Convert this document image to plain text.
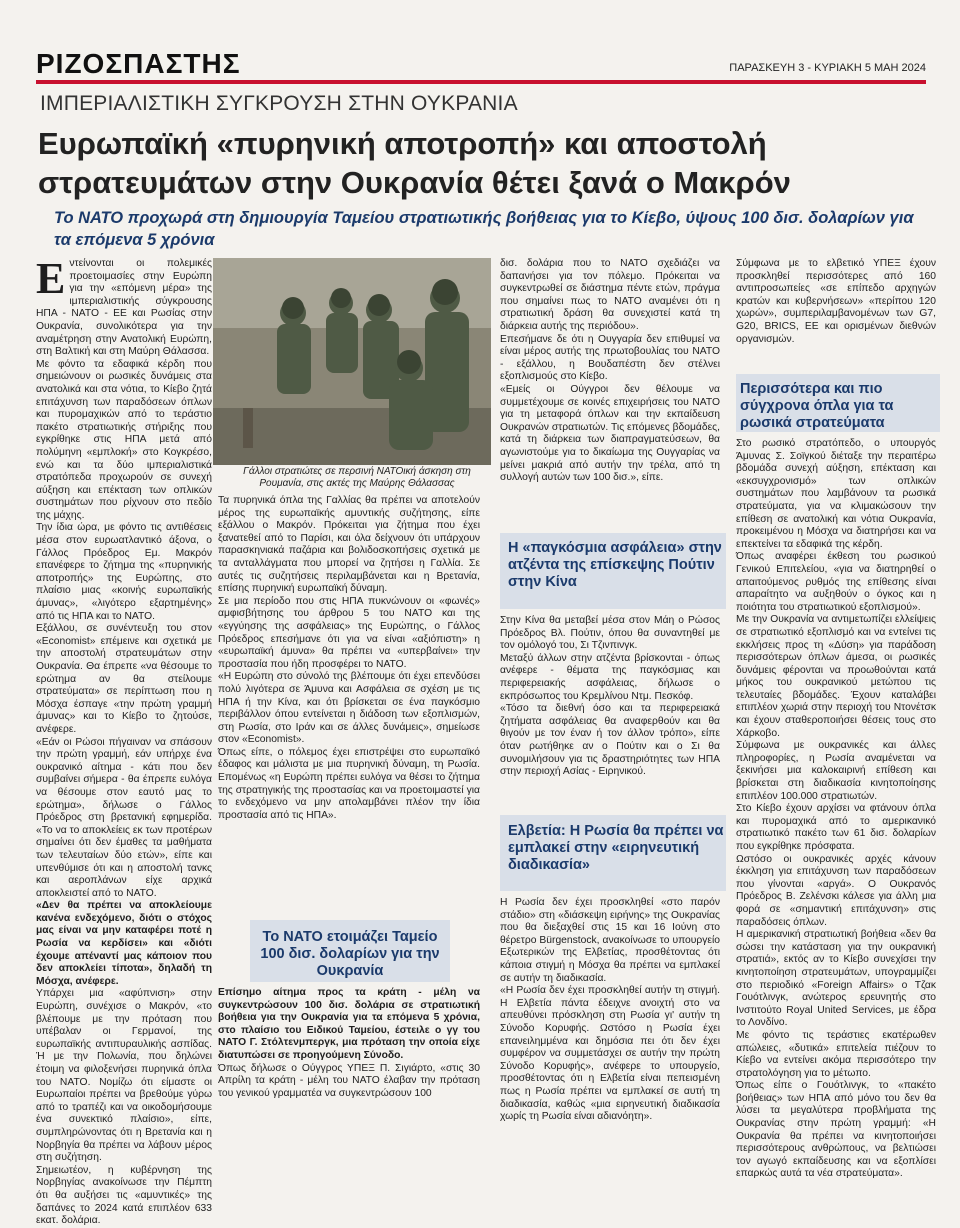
ΡΙΖΟΣΠΑΣΤΗΣ	ΠΑΡΑΣΚΕΥΗ 3 - ΚΥΡΙΑΚΗ 5 ΜΑΗ 2024
ΙΜΠΕΡΙΑΛΙΣΤΙΚΗ ΣΥΓΚΡΟΥΣΗ ΣΤΗΝ ΟΥΚΡΑΝΙΑ
Ευρωπαϊκή «πυρηνική αποτροπή» και αποστολή στρατευμάτων στην Ουκρανία θέτει ξανά ο Μακρόν
Το ΝΑΤΟ προχωρά στη δημιουργία Ταμείου στρατιωτικής βοήθειας για το Κίεβο, ύψους 100 δισ. δολαρίων για τα επόμενα 5 χρόνια
Ε ντείνονται οι πολεμικές προετοιμασίες στην Ευρώπη για την «επόμενη μέρα» της ιμπεριαλιστικής σύγκρουσης ΗΠΑ - ΝΑΤΟ - ΕΕ και Ρωσίας στην Ουκρανία, συνολικότερα για την αναμέτρηση στην Ανατολική Ευρώπη, στη Βαλτική και στη Μαύρη Θάλασσα.

Με φόντο τα εδαφικά κέρδη που σημειώνουν οι ρωσικές δυνάμεις στα ανατολικά και στα νότια, το Κίεβο ζητά επιτάχυνση των παραδόσεων όπλων και πυρομαχικών από το τεράστιο πακέτο στρατιωτικής στήριξης που εγκρίθηκε στις ΗΠΑ μετά από πολύμηνη «εμπλοκή» στο Κογκρέσο, ενώ και τα δύο ιμπεριαλιστικά στρατόπεδα προχωρούν σε συνεχή αύξηση και επέκταση των οπλικών συστημάτων που ρίχνουν στο πεδίο της μάχης.

Την ίδια ώρα, με φόντο τις αντιθέσεις μέσα στον ευρωατλαντικό άξονα, ο Γάλλος Πρόεδρος Εμ. Μακρόν επανέφερε το ζήτημα της «πυρηνικής αποτροπής» της Ευρώπης, στο πλαίσιο μιας «κοινής ευρωπαϊκής άμυνας», «λιγότερο εξαρτημένης» από τις ΗΠΑ και το ΝΑΤΟ.

Εξάλλου, σε συνέντευξη του στον «Economist» επέμεινε και σχετικά με την αποστολή στρατευμάτων στην Ουκρανία. Θα έπρεπε «να θέσουμε το ερώτημα αν θα στείλουμε στρατεύματα» σε περίπτωση που η Μόσχα έσπαγε «την πρώτη γραμμή άμυνας» και το Κίεβο το ζητούσε, ανέφερε.

«Εάν οι Ρώσοι πήγαιναν να σπάσουν την πρώτη γραμμή, εάν υπήρχε ένα ουκρανικό αίτημα - κάτι που δεν συμβαίνει σήμερα - θα έπρεπε ευλόγα να θέσουμε στον εαυτό μας το ερώτημα», δήλωσε ο Γάλλος Πρόεδρος στη βρετανική εφημερίδα. «Το να το αποκλείεις εκ των προτέρων σημαίνει ότι δεν έμαθες τα μαθήματα των τελευταίων δύο ετών», είπε και υπενθύμισε ότι και η αποστολή τανκς και αεροπλάνων είχε αρχικά αποκλειστεί από το ΝΑΤΟ.

«Δεν θα πρέπει να αποκλείουμε κανένα ενδεχόμενο, διότι ο στόχος μας είναι να μην καταφέρει ποτέ η Ρωσία να κερδίσει» και «διότι έχουμε απέναντί μας κάποιον που δεν αποκλείει τίποτα», δηλαδή τη Μόσχα, ανέφερε.

Υπάρχει μια «αφύπνιση» στην Ευρώπη, συνέχισε ο Μακρόν, «το βλέπουμε με την πρόταση που υπέβαλαν οι Γερμανοί, της ευρωπαϊκής αντιπυραυλικής ασπίδας. Ή με την Πολωνία, που δηλώνει έτοιμη να φιλοξενήσει πυρηνικά όπλα του ΝΑΤΟ. Νομίζω ότι είμαστε οι Ευρωπαίοι πρέπει να βρεθούμε γύρω από το τραπέζι και να οικοδομήσουμε ένα συνεκτικό πλαίσιο», είπε, συμπληρώνοντας ότι η Βρετανία και η Νορβηγία θα πρέπει να λάβουν μέρος στη συζήτηση.

Σημειωτέον, η κυβέρνηση της Νορβηγίας ανακοίνωσε την Πέμπτη ότι θα αυξήσει τις «αμυντικές» της δαπάνες το 2024 κατά επιπλέον 633 εκατ. δολάρια.

Γάλλοι στρατιώτες σε περσινή ΝΑΤΟική άσκηση στη Ρουμανία, στις ακτές της Μαύρης Θάλασσας

Τα πυρηνικά όπλα της Γαλλίας θα πρέπει να αποτελούν μέρος της ευρωπαϊκής αμυντικής συζήτησης, είπε εξάλλου ο Μακρόν. Πρόκειται για ζήτημα που έχει ξανατεθεί από το Παρίσι, και όλα δείχνουν ότι υπάρχουν παρασκηνιακά παζάρια και βολιδοσκοπήσεις σχετικά με τα ανταλλάγματα που μπορεί να ζητήσει η Γαλλία. Σε αυτές τις συζητήσεις περιλαμβάνεται και η Βρετανία, επίσης πυρηνική ευρωπαϊκή δύναμη.

Σε μια περίοδο που στις ΗΠΑ πυκνώνουν οι «φωνές» αμφισβήτησης του άρθρου 5 του ΝΑΤΟ και της «εγγύησης της ασφάλειας» της Ευρώπης, ο Γάλλος Πρόεδρος επεσήμανε ότι για να είναι «αξιόπιστη» η «ευρωπαϊκή άμυνα» θα πρέπει να «υπερβαίνει» την προστασία που ήδη προσφέρει το ΝΑΤΟ.

«Η Ευρώπη στο σύνολό της βλέπουμε ότι έχει επενδύσει πολύ λιγότερα σε Άμυνα και Ασφάλεια σε σχέση με τις ΗΠΑ ή την Κίνα, και ότι βρίσκεται σε ένα παγκόσμιο περιβάλλον όπου εντείνεται η διάδοση των εξοπλισμών, στη Ρωσία, στο Ιράν και σε άλλες δυνάμεις», σημείωσε στον «Economist».

Όπως είπε, ο πόλεμος έχει επιστρέψει στο ευρωπαϊκό έδαφος και μάλιστα με μια πυρηνική δύναμη, τη Ρωσία. Επομένως «η Ευρώπη πρέπει ευλόγα να θέσει το ζήτημα της στρατηγικής της προστασίας και να προετοιμαστεί για το ενδεχόμενο να μην απολαμβάνει πλέον την ίδια προστασία από τις ΗΠΑ».

Το ΝΑΤΟ ετοιμάζει Ταμείο 100 δισ. δολαρίων για την Ουκρανία

Επίσημο αίτημα προς τα κράτη - μέλη να συγκεντρώσουν 100 δισ. δολάρια σε στρατιωτική βοήθεια για την Ουκρανία για τα επόμενα 5 χρόνια, στο πλαίσιο του Ειδικού Ταμείου, έστειλε ο γγ του ΝΑΤΟ Γ. Στόλτενμπεργκ, μια πρόταση την οποία είχε διατυπώσει σε προηγούμενη Σύνοδο.

Όπως δήλωσε ο Ούγγρος ΥΠΕΞ Π. Σιγιάρτο, «στις 30 Απρίλη τα κράτη - μέλη του ΝΑΤΟ έλαβαν την πρόταση του γενικού γραμματέα να συγκεντρώσουν 100

δισ. δολάρια που το ΝΑΤΟ σχεδιάζει να δαπανήσει για τον πόλεμο. Πρόκειται να συγκεντρωθεί σε διάστημα πέντε ετών, πράγμα που σημαίνει πως το ΝΑΤΟ αναμένει ότι η στρατιωτική δράση θα συνεχιστεί κατά τη διάρκεια αυτής της περιόδου».

Επεσήμανε δε ότι η Ουγγαρία δεν επιθυμεί να είναι μέρος αυτής της πρωτοβουλίας του ΝΑΤΟ - εξάλλου, η Βουδαπέστη δεν στέλνει εξοπλισμούς στο Κίεβο.

«Εμείς οι Ούγγροι δεν θέλουμε να συμμετέχουμε σε κοινές επιχειρήσεις του ΝΑΤΟ για τη μεταφορά όπλων και την εκπαίδευση Ουκρανών στρατιωτών. Τις επόμενες βδομάδες, κατά τη διάρκεια των διαπραγματεύσεων, θα αγωνιστούμε για το δικαίωμα της Ουγγαρίας να μείνει μακριά από αυτήν την τρέλα, από τη συλλογή αυτών των 100 δισ.», είπε.

Η «παγκόσμια ασφάλεια» στην ατζέντα της επίσκεψης Πούτιν στην Κίνα

Στην Κίνα θα μεταβεί μέσα στον Μάη ο Ρώσος Πρόεδρος Βλ. Πούτιν, όπου θα συναντηθεί με τον ομόλογό του, Σι Τζινπινγκ.

Μεταξύ άλλων στην ατζέντα βρίσκονται - όπως ανέφερε - θέματα της παγκόσμιας και περιφερειακής ασφάλειας, δήλωσε ο εκπρόσωπος του Κρεμλίνου Ντμ. Πεσκόφ.

«Τόσο τα διεθνή όσο και τα περιφερειακά ζητήματα ασφάλειας θα αναφερθούν και θα θιγούν με τον έναν ή τον άλλον τρόπο», είπε όταν ρωτήθηκε αν ο Πούτιν και ο Σι θα συνομιλήσουν για τις δραστηριότητες των ΗΠΑ στην περιοχή Ασίας - Ειρηνικού.

Ελβετία: Η Ρωσία θα πρέπει να εμπλακεί στην «ειρηνευτική διαδικασία»

Η Ρωσία δεν έχει προσκληθεί «στο παρόν στάδιο» στη «διάσκεψη ειρήνης» της Ουκρανίας που θα διεξαχθεί στις 15 και 16 Ιούνη στο θέρετρο Bürgenstock, ανακοίνωσε το υπουργείο Εξωτερικών της Ελβετίας, προσθέτοντας ότι κάποια στιγμή η Μόσχα θα πρέπει να εμπλακεί σε αυτήν τη διαδικασία.

«Η Ρωσία δεν έχει προσκληθεί αυτήν τη στιγμή. Η Ελβετία πάντα έδειχνε ανοιχτή στο να απευθύνει πρόσκληση στη Ρωσία γι' αυτήν τη Σύνοδο Κορυφής. Ωστόσο η Ρωσία έχει επανειλημμένα και δημόσια πει ότι δεν έχει συμφέρον να συμμετάσχει σε αυτήν την πρώτη Σύνοδο Κορυφής», ανέφερε το υπουργείο, προσθέτοντας ότι η Ελβετία είναι πεπεισμένη πως η Ρωσία πρέπει να εμπλακεί σε αυτή τη διαδικασία, καθώς «μια ειρηνευτική διαδικασία χωρίς τη Ρωσία είναι αδιανόητη».

Σύμφωνα με το ελβετικό ΥΠΕΞ έχουν προσκληθεί περισσότερες από 160 αντιπροσωπείες «σε επίπεδο αρχηγών κρατών και κυβερνήσεων» «περίπου 120 χωρών», συμπεριλαμβανομένων των G7, G20, BRICS, ΕΕ και ορισμένων διεθνών οργανισμών.

Περισσότερα και πιο σύγχρονα όπλα για τα ρωσικά στρατεύματα

Στο ρωσικό στρατόπεδο, ο υπουργός Άμυνας Σ. Σοϊγκού διέταξε την περαιτέρω βδομάδα συνεχή αύξηση, επέκταση και «εκσυγχρονισμό» των οπλικών συστημάτων που λαμβάνουν τα ρωσικά στρατεύματα, για να κλιμακώσουν την επίθεση σε ανατολική και νότια Ουκρανία, προκειμένου η Μόσχα να διατηρήσει και να επεκτείνει τα εδαφικά της κέρδη.

Όπως αναφέρει έκθεση του ρωσικού Γενικού Επιτελείου, «για να διατηρηθεί ο απαιτούμενος ρυθμός της επίθεσης είναι απαραίτητο να αυξηθούν ο όγκος και η ποιότητα του στρατιωτικού εξοπλισμού».

Με την Ουκρανία να αντιμετωπίζει ελλείψεις σε στρατιωτικό εξοπλισμό και να εντείνει τις εκκλήσεις προς τη «Δύση» για παράδοση περισσότερων όπλων άμεσα, οι ρωσικές δυνάμεις φέρονται να προωθούνται κατά μήκος του ουκρανικού μετώπου τις τελευταίες βδομάδες. Έχουν καταλάβει επιπλέον χωριά στην περιοχή του Ντονέτσκ και έχουν σταθεροποιήσει θέσεις τους στο Χάρκοβο.

Σύμφωνα με ουκρανικές και άλλες πληροφορίες, η Ρωσία αναμένεται να ξεκινήσει μια καλοκαιρινή επίθεση και βρίσκεται στη διαδικασία κινητοποίησης επιπλέον 100.000 στρατιωτών.

Στο Κίεβο έχουν αρχίσει να φτάνουν όπλα και πυρομαχικά από το αμερικανικό στρατιωτικό πακέτο των 61 δισ. δολαρίων που εγκρίθηκε πρόσφατα.

Ωστόσο οι ουκρανικές αρχές κάνουν έκκληση για επιτάχυνση των παραδόσεων που γίνονται «αργά». Ο Ουκρανός Πρόεδρος Β. Ζελένσκι κάλεσε για άλλη μια φορά σε «σημαντική επιτάχυνση» στις παραδόσεις όπλων.

Η αμερικανική στρατιωτική βοήθεια «δεν θα σώσει την κατάσταση για την ουκρανική στρατιά», εκτός αν το Κίεβο συνεχίσει την κινητοποίηση στρατευμάτων, υπογραμμίζει στο περιοδικό «Foreign Affairs» ο Τζακ Γουότλινγκ, ανώτερος ερευνητής στο Ινστιτούτο Royal United Services, με έδρα το Λονδίνο.

Με φόντο τις τεράστιες εκατέρωθεν απώλειες, «δυτικά» επιτελεία πιέζουν το Κίεβο να εντείνει ακόμα περισσότερο την στρατολόγηση για το μέτωπο.

Όπως είπε ο Γουότλινγκ, το «πακέτο βοήθειας» των ΗΠΑ από μόνο του δεν θα λύσει τα μεγαλύτερα προβλήματα της Ουκρανίας στην πρώτη γραμμή: «Η Ουκρανία θα πρέπει να κινητοποιήσει περισσότερους ανθρώπους, να βελτιώσει τον αγωγό εκπαίδευσης και να εξοπλίσει επαρκώς αυτά τα νέα στρατεύματα».
